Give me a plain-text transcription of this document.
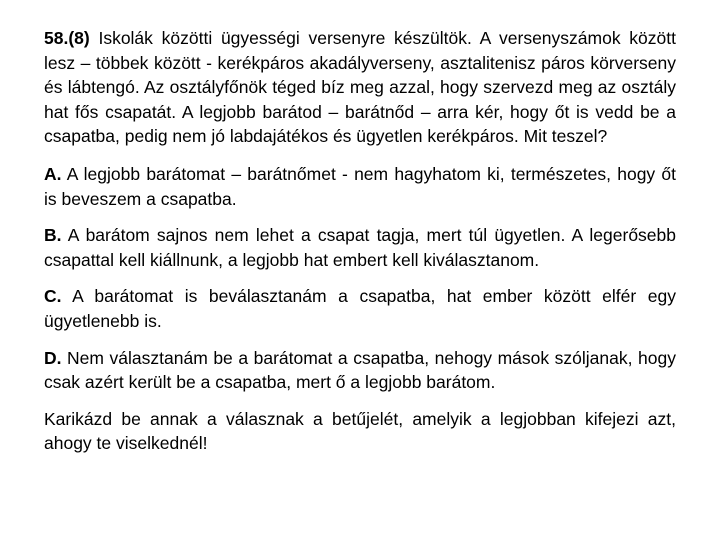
58.(8) Iskolák közötti ügyességi versenyre készültök. A versenyszámok között lesz – többek között - kerékpáros akadályverseny, asztalitenisz páros körverseny és lábtengó. Az osztályfőnök téged bíz meg azzal, hogy szervezd meg az osztály hat fős csapatát. A legjobb barátod – barátnőd – arra kér, hogy őt is vedd be a csapatba, pedig nem jó labdajátékos és ügyetlen kerékpáros. Mit teszel?

A. A legjobb barátomat – barátnőmet - nem hagyhatom ki, természetes, hogy őt is beveszem a csapatba.

B. A barátom sajnos nem lehet a csapat tagja, mert túl ügyetlen. A legerősebb csapattal kell kiállnunk, a legjobb hat embert kell kiválasztanom.

C. A barátomat is beválasztanám a csapatba, hat ember között elfér egy ügyetlenebb is.

D. Nem választanám be a barátomat a csapatba, nehogy mások szóljanak, hogy csak azért került be a csapatba, mert ő a legjobb barátom.

Karikázd be annak a válasznak a betűjelét, amelyik a legjobban kifejezi azt, ahogy te viselkednél!
